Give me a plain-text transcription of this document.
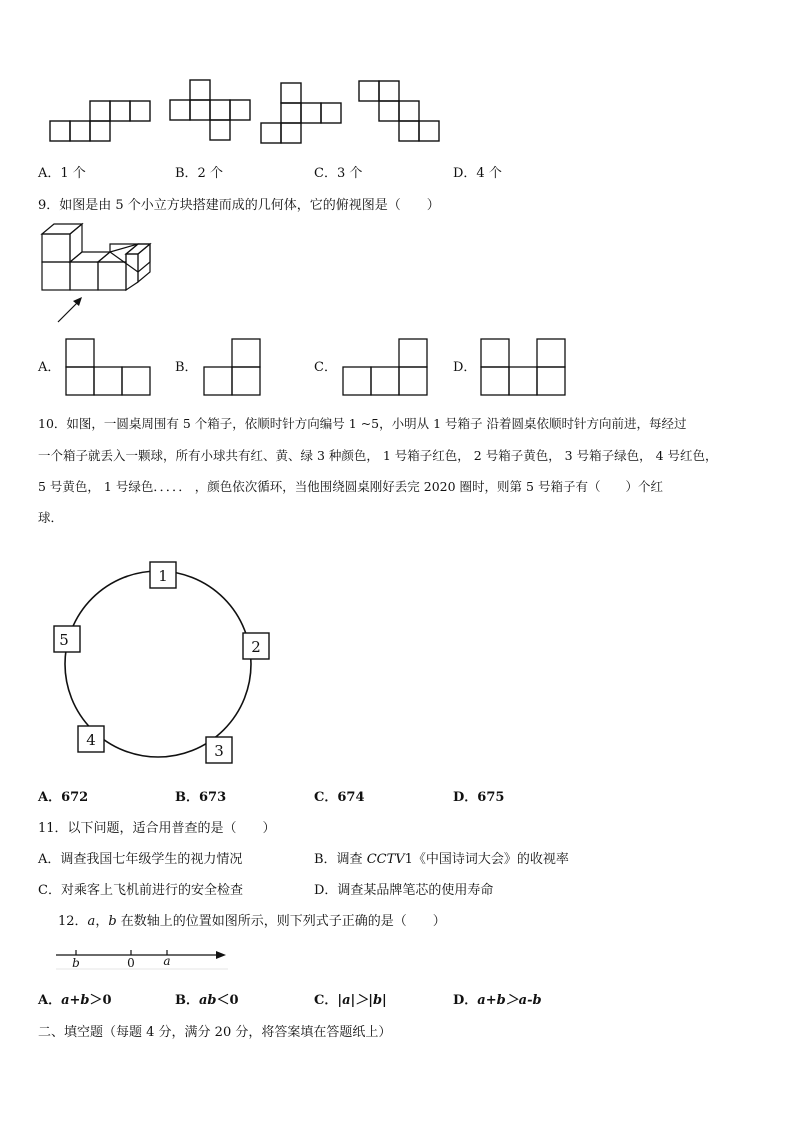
A．1 个	B．2 个	C．3 个	D．4 个
9．如图是由 5 个小立方块搭建而成的几何体，它的俯视图是（　　）
A．	B．	C．	D．
10．如图，一圆桌周围有 5 个箱子，依顺时针方向编号 1 ~5，小明从 1 号箱子 沿着圆桌依顺时针方向前进，每经过
一个箱子就丢入一颗球，所有小球共有红、黄、绿 3 种颜色， 1 号箱子红色， 2 号箱子黄色， 3 号箱子绿色， 4 号红色，
5 号黄色， 1 号绿色．．．．． ，颜色依次循环，当他围绕圆桌刚好丢完 2020 圈时，则第 5 号箱子有（　　）个红
球．
1
2
3
4
5
A．672	B．673	C．674	D．675
11．以下问题，适合用普查的是（　　）
A．调查我国七年级学生的视力情况	B．调查 CCTV1《中国诗词大会》的收视率
C．对乘客上飞机前进行的安全检查	D．调查某品牌笔芯的使用寿命
12．a，b 在数轴上的位置如图所示，则下列式子正确的是（　　）
b	0 a
A．a+b＞0	B．ab＜0	C．|a|＞|b|	D．a+b＞a-b
二、填空题（每题 4 分，满分 20 分，将答案填在答题纸上）
